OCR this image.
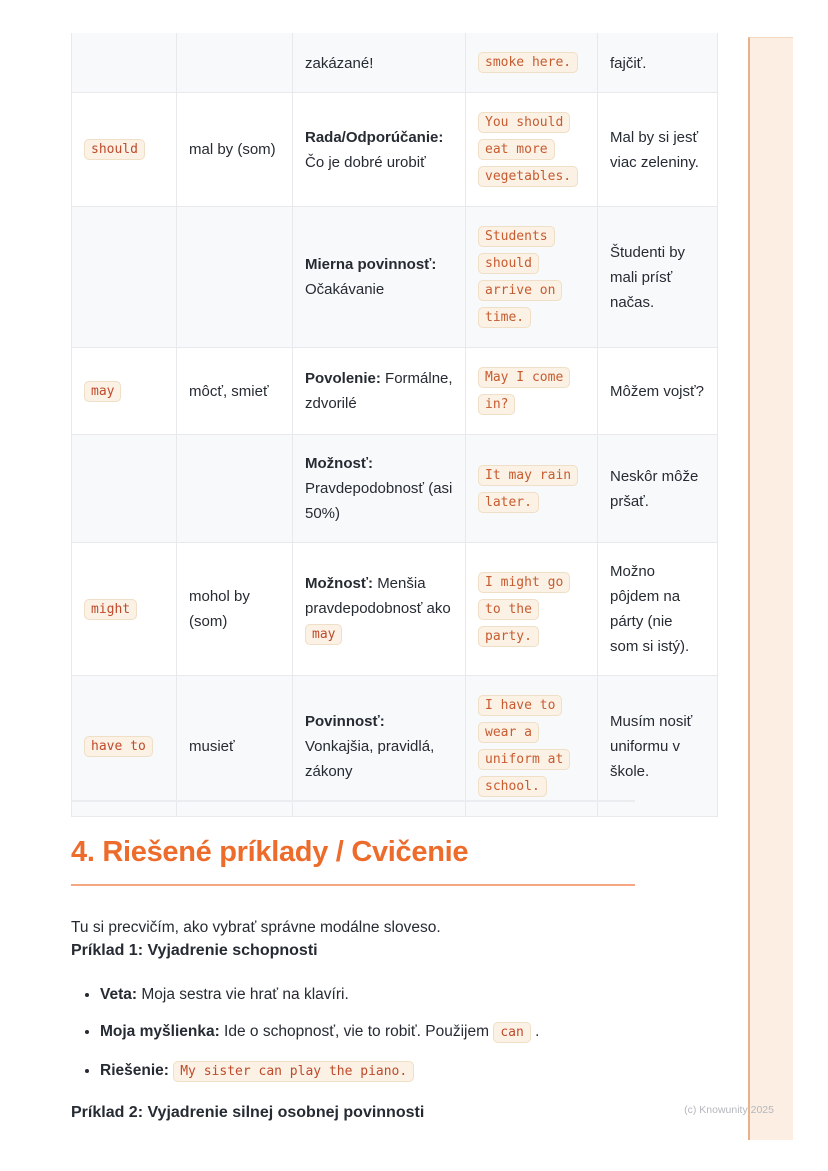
		zakázané!	smoke here.	fajčiť.
should	mal by (som)	Rada/Odporúčanie: Čo je dobré urobiť	You should eat more vegetables.	Mal by si jesť viac zeleniny.
		Mierna povinnosť: Očakávanie	Students should arrive on time.	Študenti by mali prísť načas.
may	môcť, smieť	Povolenie: Formálne, zdvorilé	May I come in?	Môžem vojsť?
		Možnosť: Pravdepodobnosť (asi 50%)	It may rain later.	Neskôr môže pršať.
might	mohol by (som)	Možnosť: Menšia pravdepodobnosť ako may	I might go to the party.	Možno pôjdem na párty (nie som si istý).
have to	musieť	Povinnosť: Vonkajšia, pravidlá, zákony	I have to wear a uniform at school.	Musím nosiť uniformu v škole.
4. Riešené príklady / Cvičenie

Tu si precvičím, ako vybrať správne modálne sloveso.

Príklad 1: Vyjadrenie schopnosti

• Veta: Moja sestra vie hrať na klavíri.
• Moja myšlienka: Ide o schopnosť, vie to robiť. Použijem can .
• Riešenie: My sister can play the piano.

Príklad 2: Vyjadrenie silnej osobnej povinnosti	(c) Knowunity 2025
